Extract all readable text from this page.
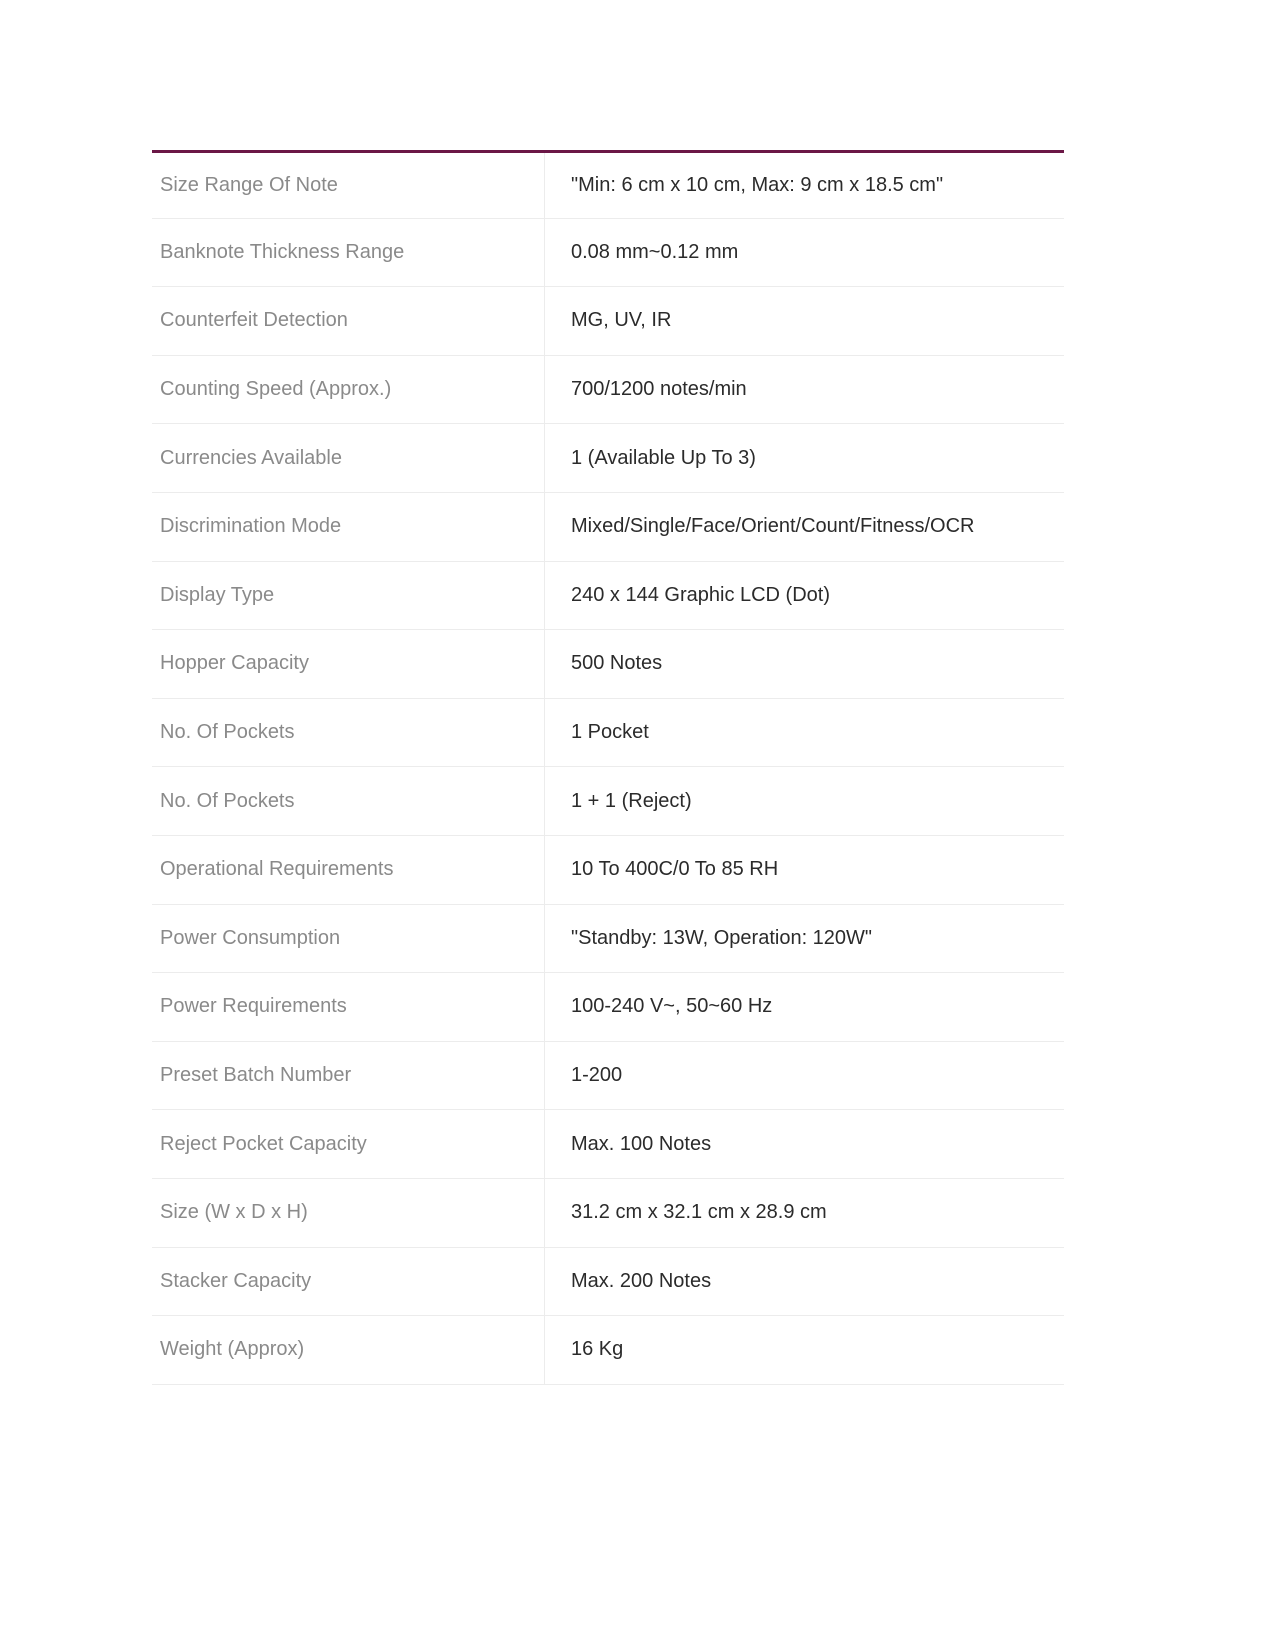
Size Range Of Note	"Min: 6 cm x 10 cm, Max: 9 cm x 18.5 cm"
Banknote Thickness Range	0.08 mm~0.12 mm
Counterfeit Detection	MG, UV, IR
Counting Speed (Approx.)	700/1200 notes/min
Currencies Available	1 (Available Up To 3)
Discrimination Mode	Mixed/Single/Face/Orient/Count/Fitness/OCR
Display Type	240 x 144 Graphic LCD (Dot)
Hopper Capacity	500 Notes
No. Of Pockets	1 Pocket
No. Of Pockets	1 + 1 (Reject)
Operational Requirements	10 To 400C/0 To 85 RH
Power Consumption	"Standby: 13W, Operation: 120W"
Power Requirements	100-240 V~, 50~60 Hz
Preset Batch Number	1-200
Reject Pocket Capacity	Max. 100 Notes
Size (W x D x H)	31.2 cm x 32.1 cm x 28.9 cm
Stacker Capacity	Max. 200 Notes
Weight (Approx)	16 Kg
